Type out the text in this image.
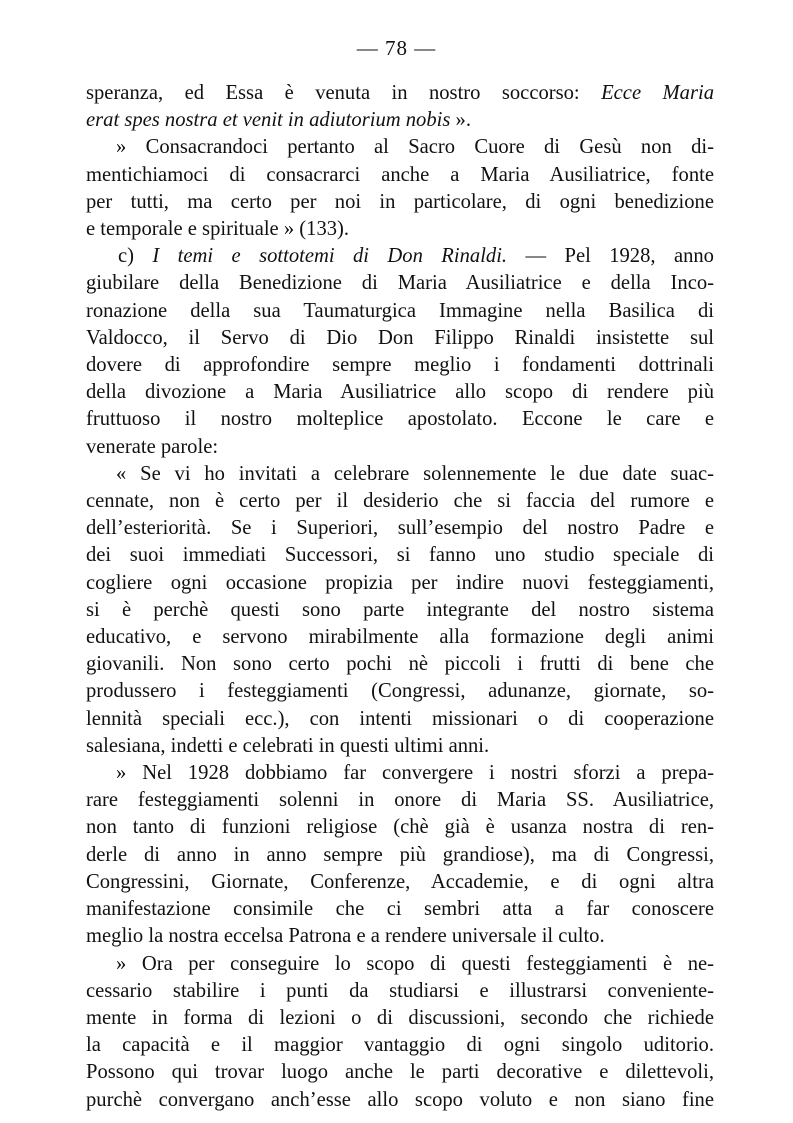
— 78 —
speranza, ed Essa è venuta in nostro soccorso: Ecce Maria
erat spes nostra et venit in adiutorium nobis ».
» Consacrandoci pertanto al Sacro Cuore di Gesù non di-
mentichiamoci di consacrarci anche a Maria Ausiliatrice, fonte
per tutti, ma certo per noi in particolare, di ogni benedizione
e temporale e spirituale » (133).
c) I temi e sottotemi di Don Rinaldi. — Pel 1928, anno
giubilare della Benedizione di Maria Ausiliatrice e della Inco-
ronazione della sua Taumaturgica Immagine nella Basilica di
Valdocco, il Servo di Dio Don Filippo Rinaldi insistette sul
dovere di approfondire sempre meglio i fondamenti dottrinali
della divozione a Maria Ausiliatrice allo scopo di rendere più
fruttuoso il nostro molteplice apostolato. Eccone le care e
venerate parole:
« Se vi ho invitati a celebrare solennemente le due date suac-
cennate, non è certo per il desiderio che si faccia del rumore e
dell’esteriorità. Se i Superiori, sull’esempio del nostro Padre e
dei suoi immediati Successori, si fanno uno studio speciale di
cogliere ogni occasione propizia per indire nuovi festeggiamenti,
si è perchè questi sono parte integrante del nostro sistema
educativo, e servono mirabilmente alla formazione degli animi
giovanili. Non sono certo pochi nè piccoli i frutti di bene che
produssero i festeggiamenti (Congressi, adunanze, giornate, so-
lennità speciali ecc.), con intenti missionari o di cooperazione
salesiana, indetti e celebrati in questi ultimi anni.
» Nel 1928 dobbiamo far convergere i nostri sforzi a prepa-
rare festeggiamenti solenni in onore di Maria SS. Ausiliatrice,
non tanto di funzioni religiose (chè già è usanza nostra di ren-
derle di anno in anno sempre più grandiose), ma di Congressi,
Congressini, Giornate, Conferenze, Accademie, e di ogni altra
manifestazione consimile che ci sembri atta a far conoscere
meglio la nostra eccelsa Patrona e a rendere universale il culto.
» Ora per conseguire lo scopo di questi festeggiamenti è ne-
cessario stabilire i punti da studiarsi e illustrarsi conveniente-
mente in forma di lezioni o di discussioni, secondo che richiede
la capacità e il maggior vantaggio di ogni singolo uditorio.
Possono qui trovar luogo anche le parti decorative e dilettevoli,
purchè convergano anch’esse allo scopo voluto e non siano fine
